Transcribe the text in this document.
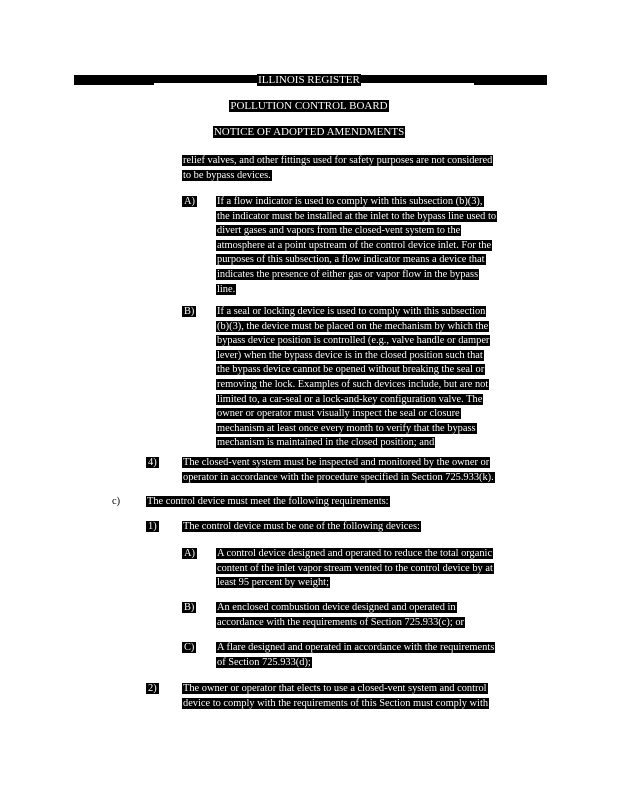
ILLINOIS REGISTER
POLLUTION CONTROL BOARD
NOTICE OF ADOPTED AMENDMENTS
relief valves, and other fittings used for safety purposes are not considered
to be bypass devices.
A) If a flow indicator is used to comply with this subsection (b)(3),
the indicator must be installed at the inlet to the bypass line used to
divert gases and vapors from the closed-vent system to the
atmosphere at a point upstream of the control device inlet. For the
purposes of this subsection, a flow indicator means a device that
indicates the presence of either gas or vapor flow in the bypass
line.
B) If a seal or locking device is used to comply with this subsection
(b)(3), the device must be placed on the mechanism by which the
bypass device position is controlled (e.g., valve handle or damper
lever) when the bypass device is in the closed position such that
the bypass device cannot be opened without breaking the seal or
removing the lock. Examples of such devices include, but are not
limited to, a car-seal or a lock-and-key configuration valve. The
owner or operator must visually inspect the seal or closure
mechanism at least once every month to verify that the bypass
mechanism is maintained in the closed position; and
4)	The closed-vent system must be inspected and monitored by the owner or
operator in accordance with the procedure specified in Section 725.933(k).
c)	The control device must meet the following requirements:
1)	The control device must be one of the following devices:
A) A control device designed and operated to reduce the total organic
content of the inlet vapor stream vented to the control device by at
least 95 percent by weight;
B) An enclosed combustion device designed and operated in
accordance with the requirements of Section 725.933(c); or
C) A flare designed and operated in accordance with the requirements
of Section 725.933(d);
2)	The owner or operator that elects to use a closed-vent system and control
device to comply with the requirements of this Section must comply with
